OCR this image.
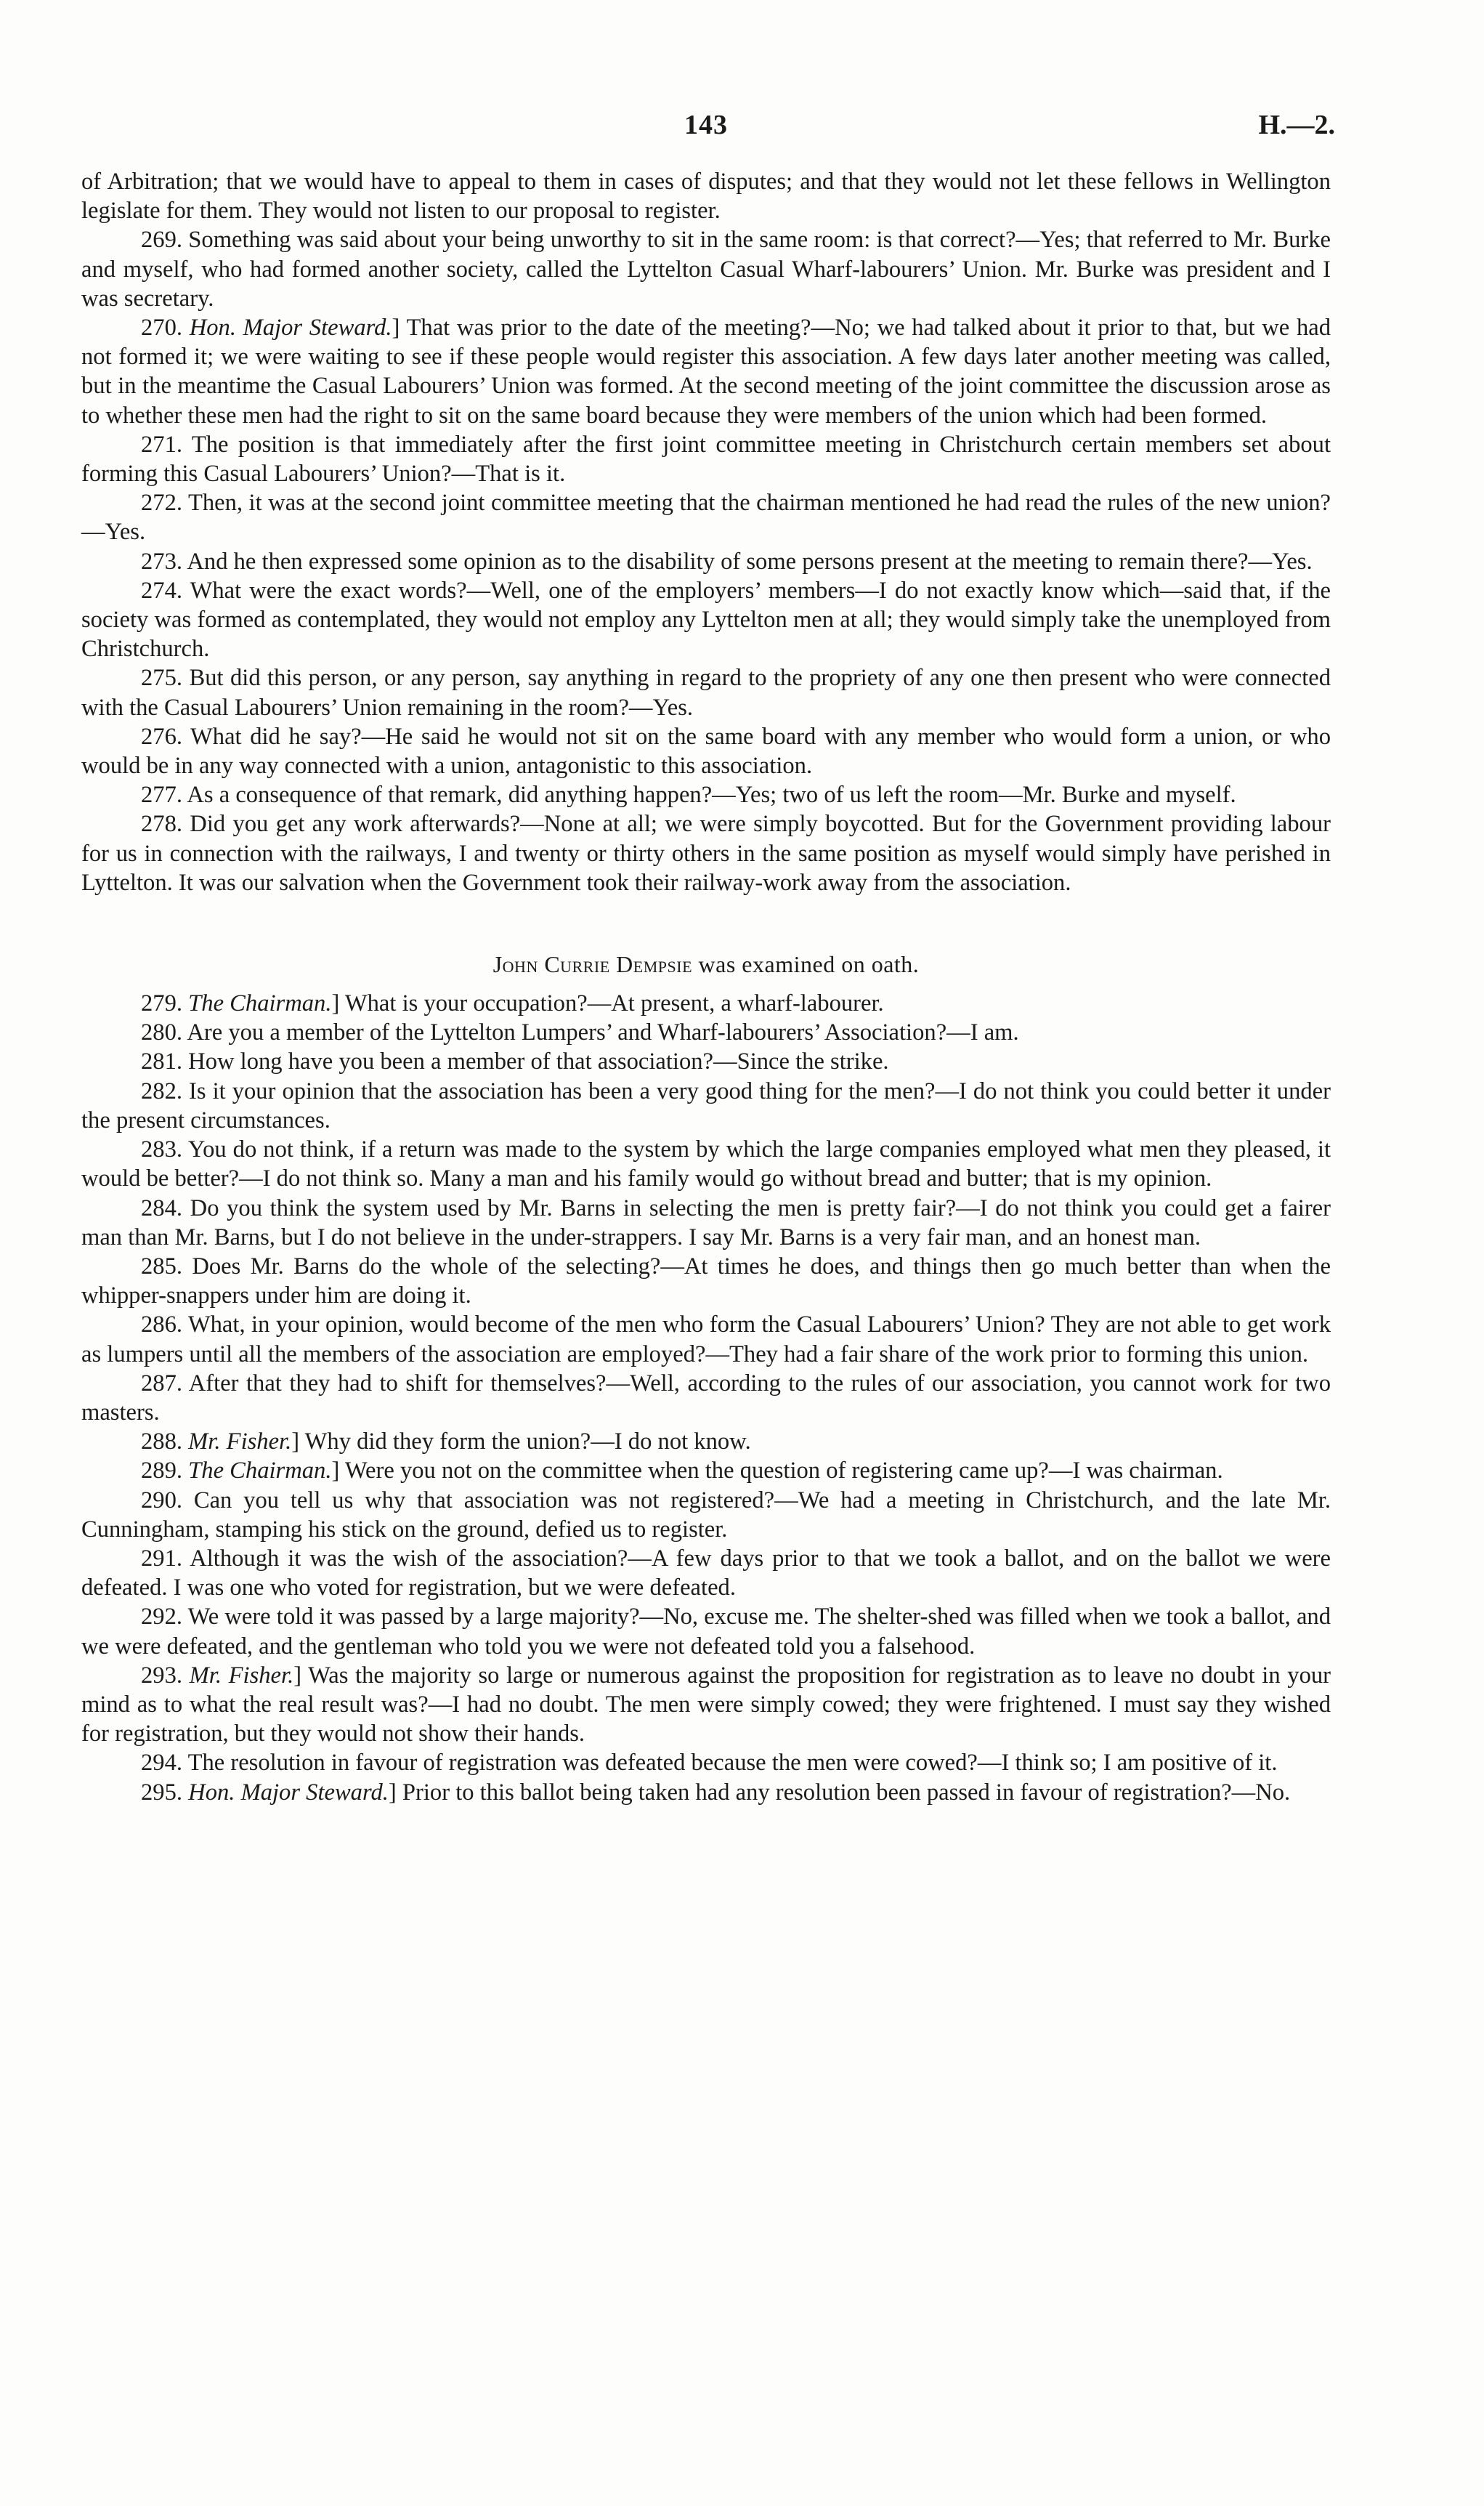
143	H.—2.

of Arbitration; that we would have to appeal to them in cases of disputes; and that they would not let these fellows in Wellington legislate for them. They would not listen to our proposal to register.

269. Something was said about your being unworthy to sit in the same room: is that correct?—Yes; that referred to Mr. Burke and myself, who had formed another society, called the Lyttelton Casual Wharf-labourers’ Union. Mr. Burke was president and I was secretary.

270. Hon. Major Steward.] That was prior to the date of the meeting?—No; we had talked about it prior to that, but we had not formed it; we were waiting to see if these people would register this association. A few days later another meeting was called, but in the meantime the Casual Labourers’ Union was formed. At the second meeting of the joint committee the discussion arose as to whether these men had the right to sit on the same board because they were members of the union which had been formed.

271. The position is that immediately after the first joint committee meeting in Christchurch certain members set about forming this Casual Labourers’ Union?—That is it.

272. Then, it was at the second joint committee meeting that the chairman mentioned he had read the rules of the new union?—Yes.

273. And he then expressed some opinion as to the disability of some persons present at the meeting to remain there?—Yes.

274. What were the exact words?—Well, one of the employers’ members—I do not exactly know which—said that, if the society was formed as contemplated, they would not employ any Lyttelton men at all; they would simply take the unemployed from Christchurch.

275. But did this person, or any person, say anything in regard to the propriety of any one then present who were connected with the Casual Labourers’ Union remaining in the room?—Yes.

276. What did he say?—He said he would not sit on the same board with any member who would form a union, or who would be in any way connected with a union, antagonistic to this association.

277. As a consequence of that remark, did anything happen?—Yes; two of us left the room—Mr. Burke and myself.

278. Did you get any work afterwards?—None at all; we were simply boycotted. But for the Government providing labour for us in connection with the railways, I and twenty or thirty others in the same position as myself would simply have perished in Lyttelton. It was our salvation when the Government took their railway-work away from the association.

John Currie Dempsie was examined on oath.

279. The Chairman.] What is your occupation?—At present, a wharf-labourer.

280. Are you a member of the Lyttelton Lumpers’ and Wharf-labourers’ Association?—I am.

281. How long have you been a member of that association?—Since the strike.

282. Is it your opinion that the association has been a very good thing for the men?—I do not think you could better it under the present circumstances.

283. You do not think, if a return was made to the system by which the large companies employed what men they pleased, it would be better?—I do not think so. Many a man and his family would go without bread and butter; that is my opinion.

284. Do you think the system used by Mr. Barns in selecting the men is pretty fair?—I do not think you could get a fairer man than Mr. Barns, but I do not believe in the under-strappers. I say Mr. Barns is a very fair man, and an honest man.

285. Does Mr. Barns do the whole of the selecting?—At times he does, and things then go much better than when the whipper-snappers under him are doing it.

286. What, in your opinion, would become of the men who form the Casual Labourers’ Union? They are not able to get work as lumpers until all the members of the association are employed?—They had a fair share of the work prior to forming this union.

287. After that they had to shift for themselves?—Well, according to the rules of our association, you cannot work for two masters.

288. Mr. Fisher.] Why did they form the union?—I do not know.

289. The Chairman.] Were you not on the committee when the question of registering came up?—I was chairman.

290. Can you tell us why that association was not registered?—We had a meeting in Christchurch, and the late Mr. Cunningham, stamping his stick on the ground, defied us to register.

291. Although it was the wish of the association?—A few days prior to that we took a ballot, and on the ballot we were defeated. I was one who voted for registration, but we were defeated.

292. We were told it was passed by a large majority?—No, excuse me. The shelter-shed was filled when we took a ballot, and we were defeated, and the gentleman who told you we were not defeated told you a falsehood.

293. Mr. Fisher.] Was the majority so large or numerous against the proposition for registration as to leave no doubt in your mind as to what the real result was?—I had no doubt. The men were simply cowed; they were frightened. I must say they wished for registration, but they would not show their hands.

294. The resolution in favour of registration was defeated because the men were cowed?—I think so; I am positive of it.

295. Hon. Major Steward.] Prior to this ballot being taken had any resolution been passed in favour of registration?—No.
